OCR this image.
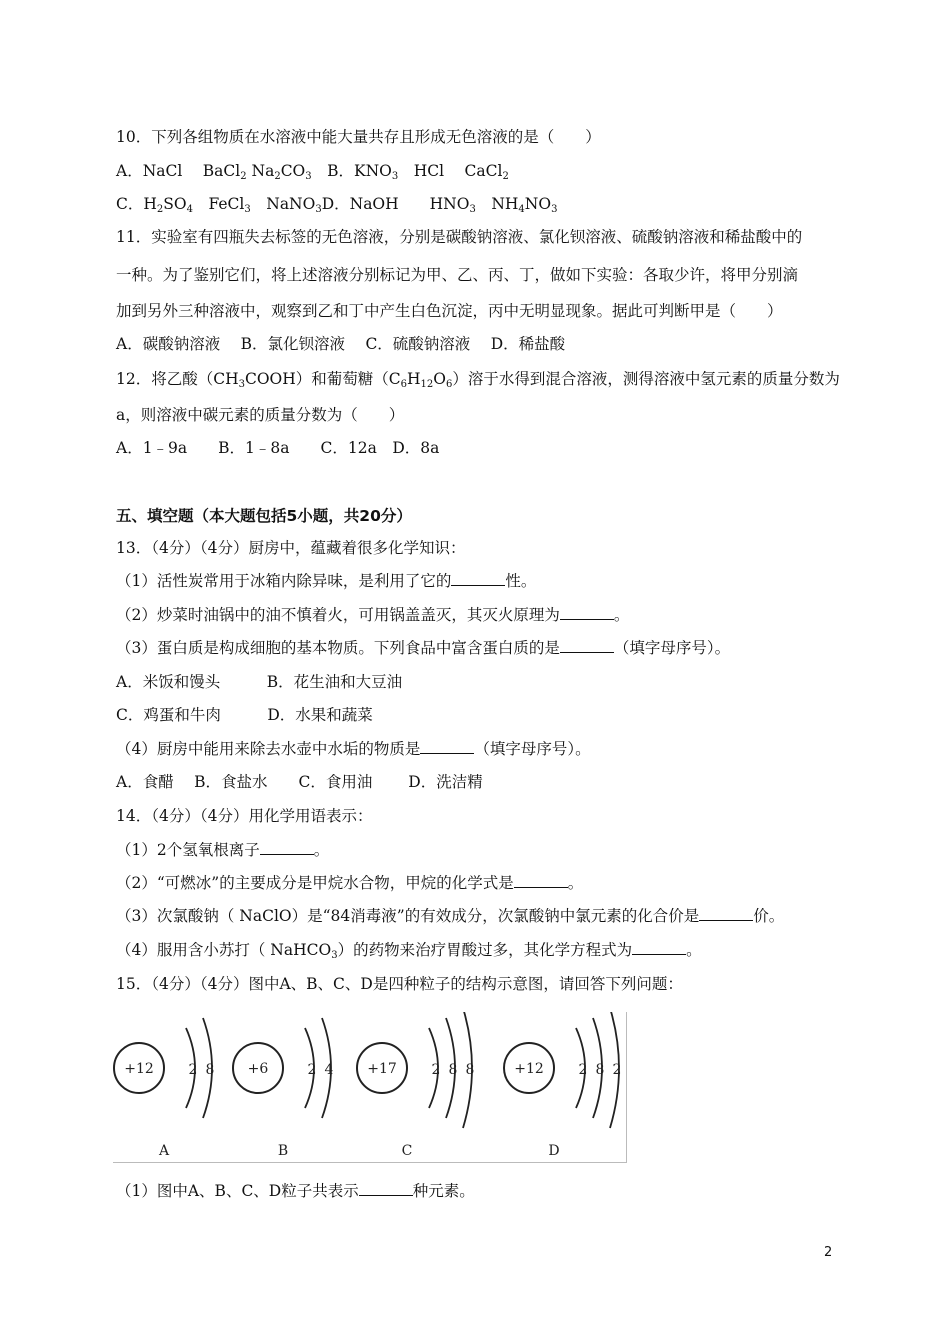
10．下列各组物质在水溶液中能大量共存且形成无色溶液的是（　　）
A．NaCl　 BaCl$_2$ $Na_2CO_3$　B．$KNO_3$　HCl　 CaCl$_2$
C．$H_2SO_4$　FeCl$_3$　NaNO$_3$D．NaOH　　$HNO_3$　$NH_4NO_3$
11．实验室有四瓶失去标签的无色溶液，分别是碳酸钠溶液、氯化钡溶液、硫酸钠溶液和稀盐酸中的
一种。为了鉴别它们，将上述溶液分别标记为甲、乙、丙、丁，做如下实验：各取少许，将甲分别滴
加到另外三种溶液中，观察到乙和丁中产生白色沉淀，丙中无明显现象。据此可判断甲是（　　）
A．碳酸钠溶液　 B．氯化钡溶液　 C．硫酸钠溶液　 D．稀盐酸
12．将乙酸$(CH_3COOH)$和葡萄糖$(C_6H_{12}O_6)$溶于水得到混合溶液，测得溶液中氢元素的质量分数为
a，则溶液中碳元素的质量分数为（　　）
A．1﹣9a　　B．1﹣8a　　C．12a　D．8a
五、填空题（本大题包括5小题，共20分）
13．（4分）（4分）厨房中，蕴藏着很多化学知识：
（1）活性炭常用于冰箱内除异味，是利用了它的	性。
（2）炒菜时油锅中的油不慎着火，可用锅盖盖灭，其灭火原理为	。
（3）蛋白质是构成细胞的基本物质。下列食品中富含蛋白质的是	（填字母序号）。
A．米饭和馒头　　　B．花生油和大豆油
C．鸡蛋和牛肉　　　D．水果和蔬菜
（4）厨房中能用来除去水壶中水垢的物质是	（填字母序号）。
A．食醋　 B．食盐水　　C．食用油　　 D．洗洁精
14．（4分）（4分）用化学用语表示：
（1）2个氢氧根离子	。
（2）“可燃冰”的主要成分是甲烷水合物，甲烷的化学式是	。
（3）次氯酸钠（ NaClO）是“84消毒液”的有效成分，次氯酸钠中氯元素的化合价是	价。
（4）服用含小苏打（ NaHCO$_3$）的药物来治疗胃酸过多，其化学方程式为	。
15．（4分）（4分）图中A、B、C、D是四种粒子的结构示意图，请回答下列问题：
+12 2 8
A
+6	2 4
B
+17 2 8 8
C
+12 2 8 2
D
（1）图中A、B、C、D粒子共表示	种元素。
2
